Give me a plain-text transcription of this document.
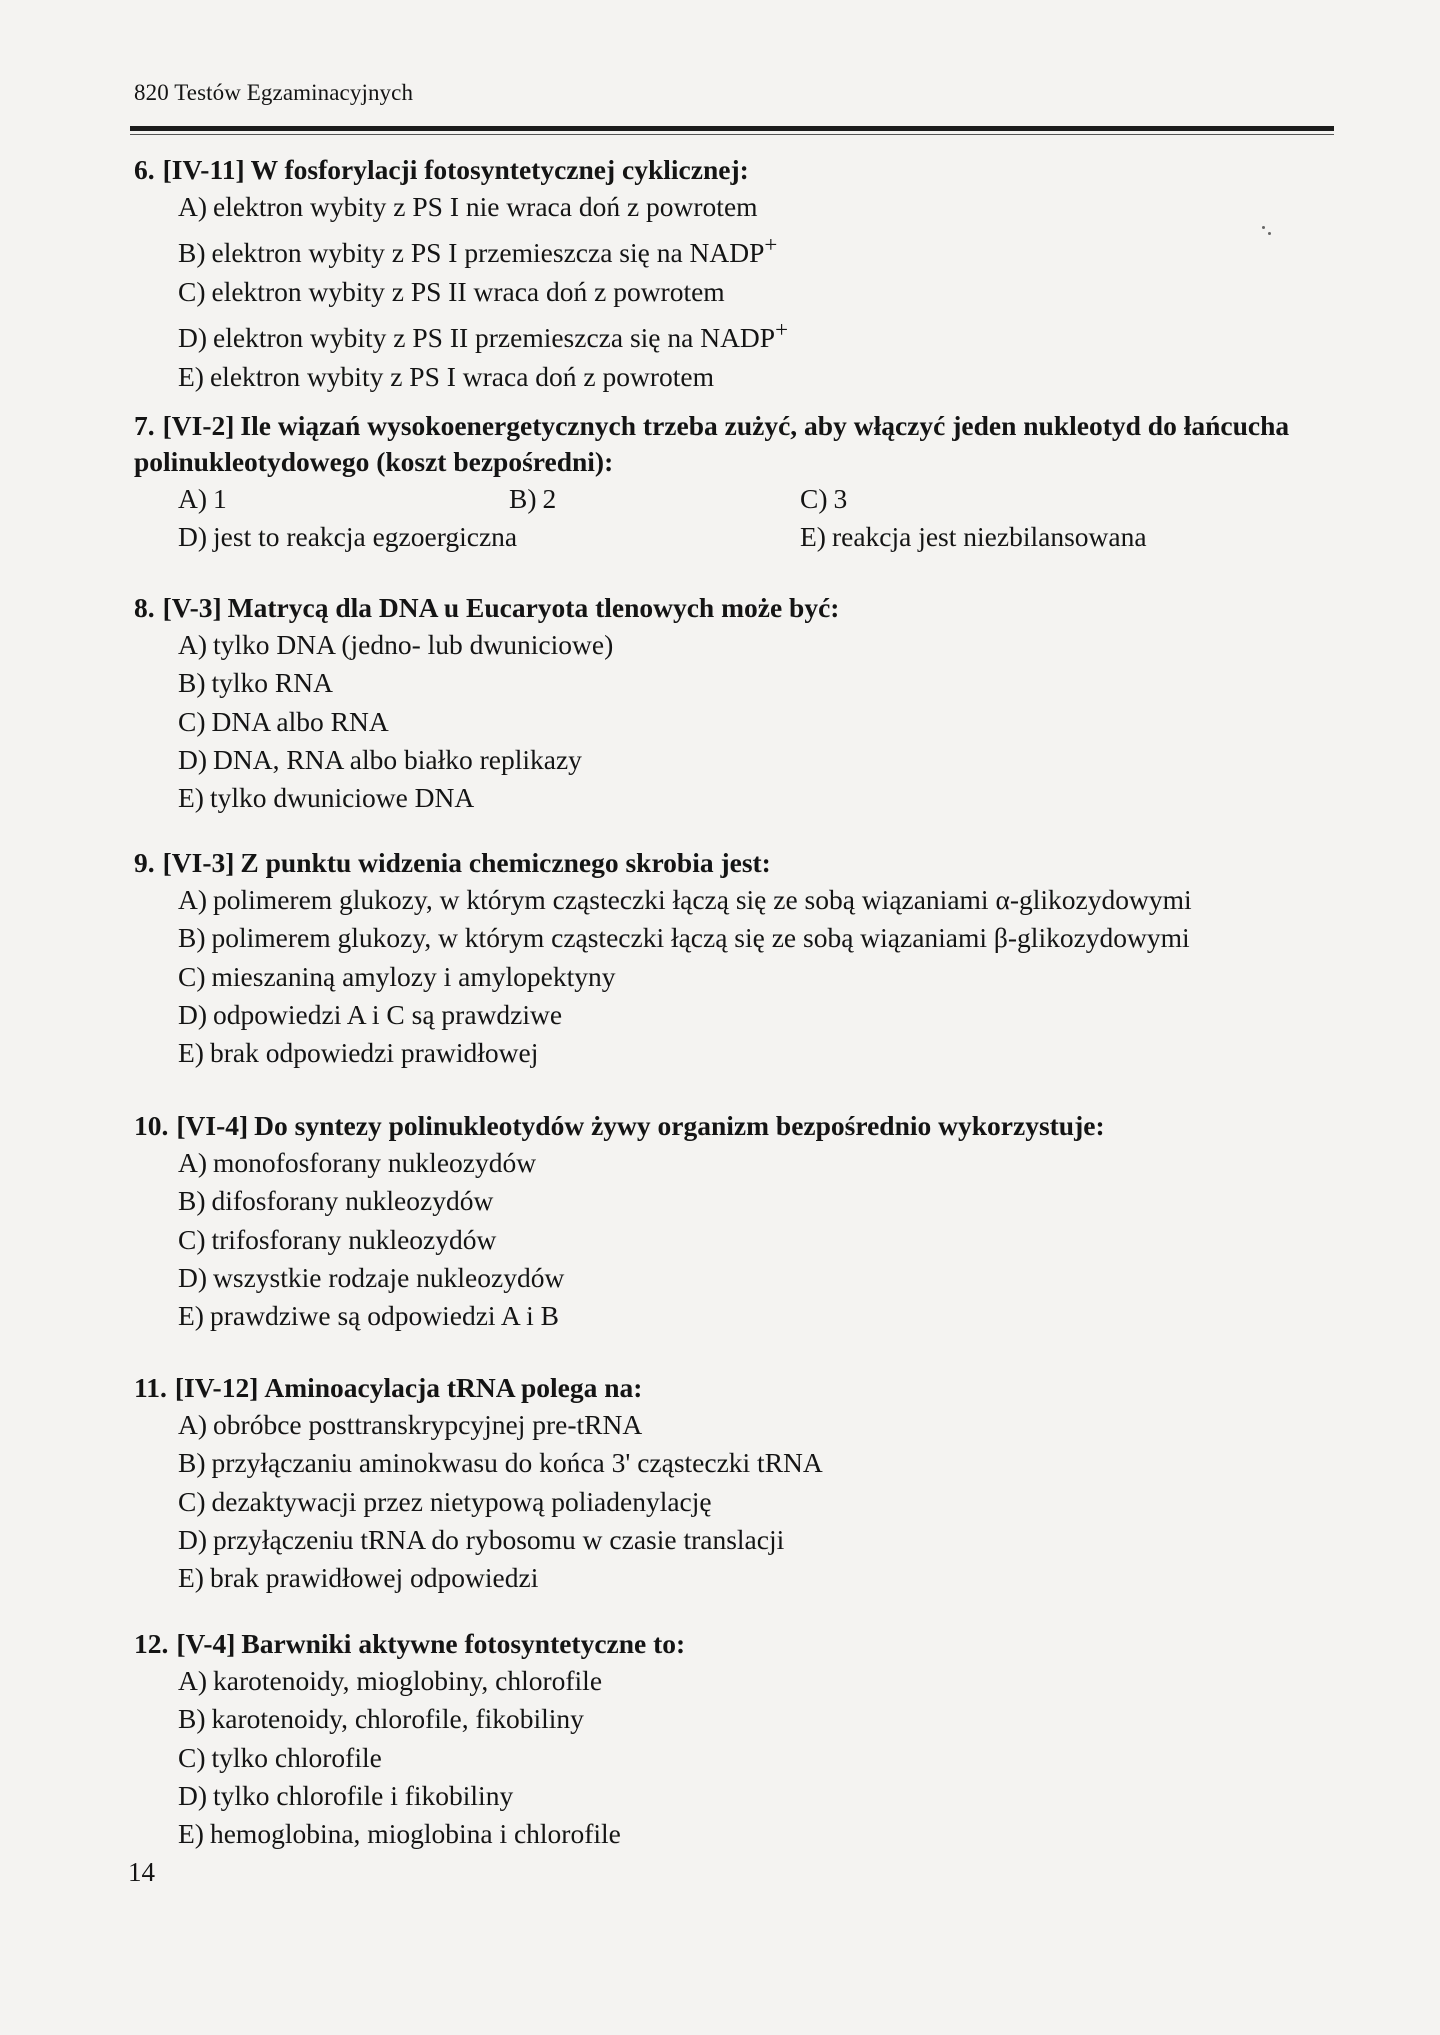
820 Testów Egzaminacyjnych
6. [IV-11] W fosforylacji fotosyntetycznej cyklicznej:
A) elektron wybity z PS I nie wraca doń z powrotem
B) elektron wybity z PS I przemieszcza się na NADP+
C) elektron wybity z PS II wraca doń z powrotem
D) elektron wybity z PS II przemieszcza się na NADP+
E) elektron wybity z PS I wraca doń z powrotem
7. [VI-2] Ile wiązań wysokoenergetycznych trzeba zużyć, aby włączyć jeden nukleotyd do łańcucha polinukleotydowego (koszt bezpośredni):
A) 1	B) 2	C) 3
D) jest to reakcja egzoergiczna	E) reakcja jest niezbilansowana
8. [V-3] Matrycą dla DNA u Eucaryota tlenowych może być:
A) tylko DNA (jedno- lub dwuniciowe)
B) tylko RNA
C) DNA albo RNA
D) DNA, RNA albo białko replikazy
E) tylko dwuniciowe DNA
9. [VI-3] Z punktu widzenia chemicznego skrobia jest:
A) polimerem glukozy, w którym cząsteczki łączą się ze sobą wiązaniami α-glikozydowymi
B) polimerem glukozy, w którym cząsteczki łączą się ze sobą wiązaniami β-glikozydowymi
C) mieszaniną amylozy i amylopektyny
D) odpowiedzi A i C są prawdziwe
E) brak odpowiedzi prawidłowej
10. [VI-4] Do syntezy polinukleotydów żywy organizm bezpośrednio wykorzystuje:
A) monofosforany nukleozydów
B) difosforany nukleozydów
C) trifosforany nukleozydów
D) wszystkie rodzaje nukleozydów
E) prawdziwe są odpowiedzi A i B
11. [IV-12] Aminoacylacja tRNA polega na:
A) obróbce posttranskrypcyjnej pre-tRNA
B) przyłączaniu aminokwasu do końca 3' cząsteczki tRNA
C) dezaktywacji przez nietypową poliadenylację
D) przyłączeniu tRNA do rybosomu w czasie translacji
E) brak prawidłowej odpowiedzi
12. [V-4] Barwniki aktywne fotosyntetyczne to:
A) karotenoidy, mioglobiny, chlorofile
B) karotenoidy, chlorofile, fikobiliny
C) tylko chlorofile
D) tylko chlorofile i fikobiliny
E) hemoglobina, mioglobina i chlorofile
14
